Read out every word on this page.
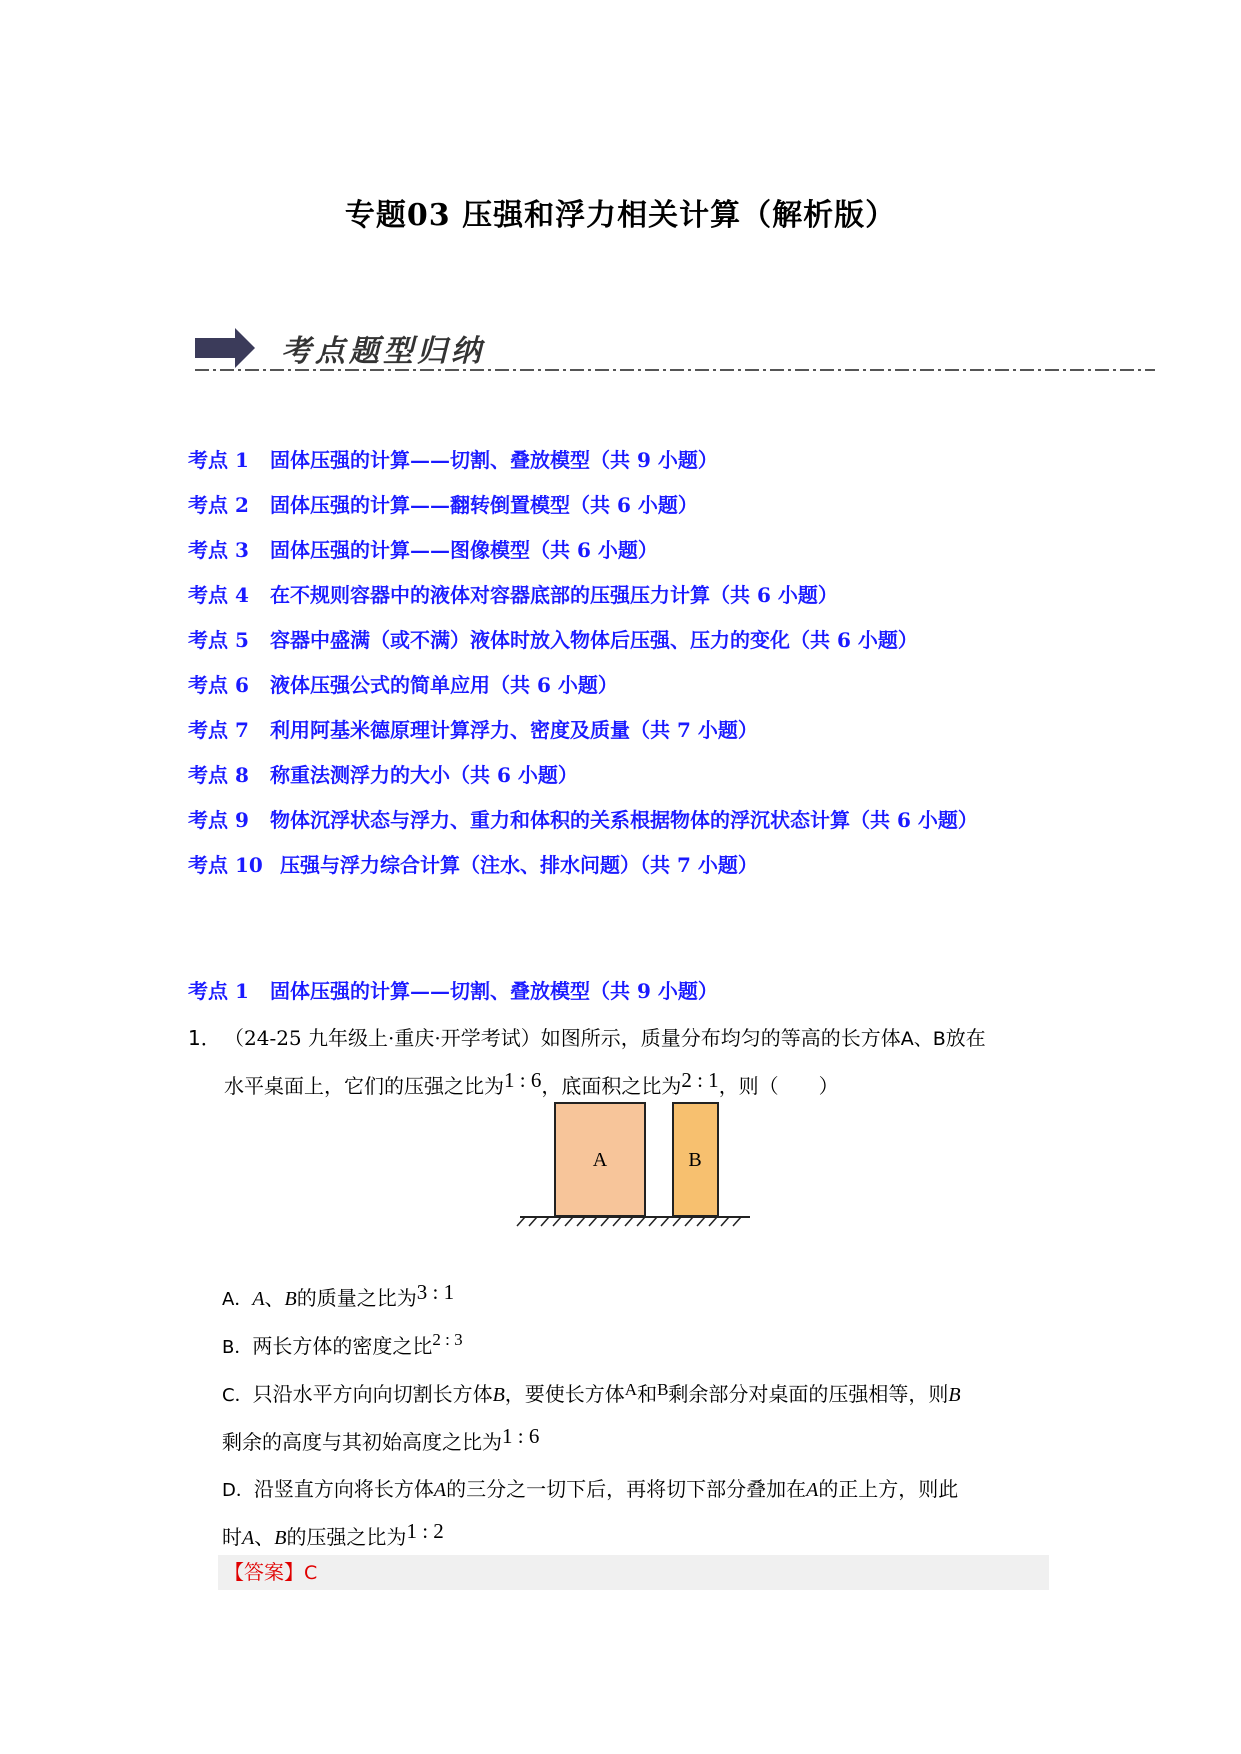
专题03 压强和浮力相关计算（解析版）
考点题型归纳
考点 1 固体压强的计算——切割、叠放模型（共 9 小题）
考点 2 固体压强的计算——翻转倒置模型（共 6 小题）
考点 3 固体压强的计算——图像模型（共 6 小题）
考点 4 在不规则容器中的液体对容器底部的压强压力计算（共 6 小题）
考点 5 容器中盛满（或不满）液体时放入物体后压强、压力的变化（共 6 小题）
考点 6 液体压强公式的简单应用（共 6 小题）
考点 7 利用阿基米德原理计算浮力、密度及质量（共 7 小题）
考点 8 称重法测浮力的大小（共 6 小题）
考点 9 物体沉浮状态与浮力、重力和体积的关系根据物体的浮沉状态计算（共 6 小题）
考点 10 压强与浮力综合计算（注水、排水问题）（共 7 小题）
考点 1 固体压强的计算——切割、叠放模型（共 9 小题）
1． （24-25 九年级上·重庆·开学考试）如图所示，质量分布均匀的等高的长方体A、B放在
水平桌面上，它们的压强之比为1 : 6，底面积之比为2 : 1，则（　　）
A	B
A．A、B的质量之比为3 : 1
B．两长方体的密度之比$^{2 : 3}$
C．只沿水平方向向切割长方体B，要使长方体$^A$和$^B$剩余部分对桌面的压强相等，则B
剩余的高度与其初始高度之比为1 : 6
D．沿竖直方向将长方体A的三分之一切下后，再将切下部分叠加在A的正上方，则此
时A、B的压强之比为1 : 2
【答案】C
